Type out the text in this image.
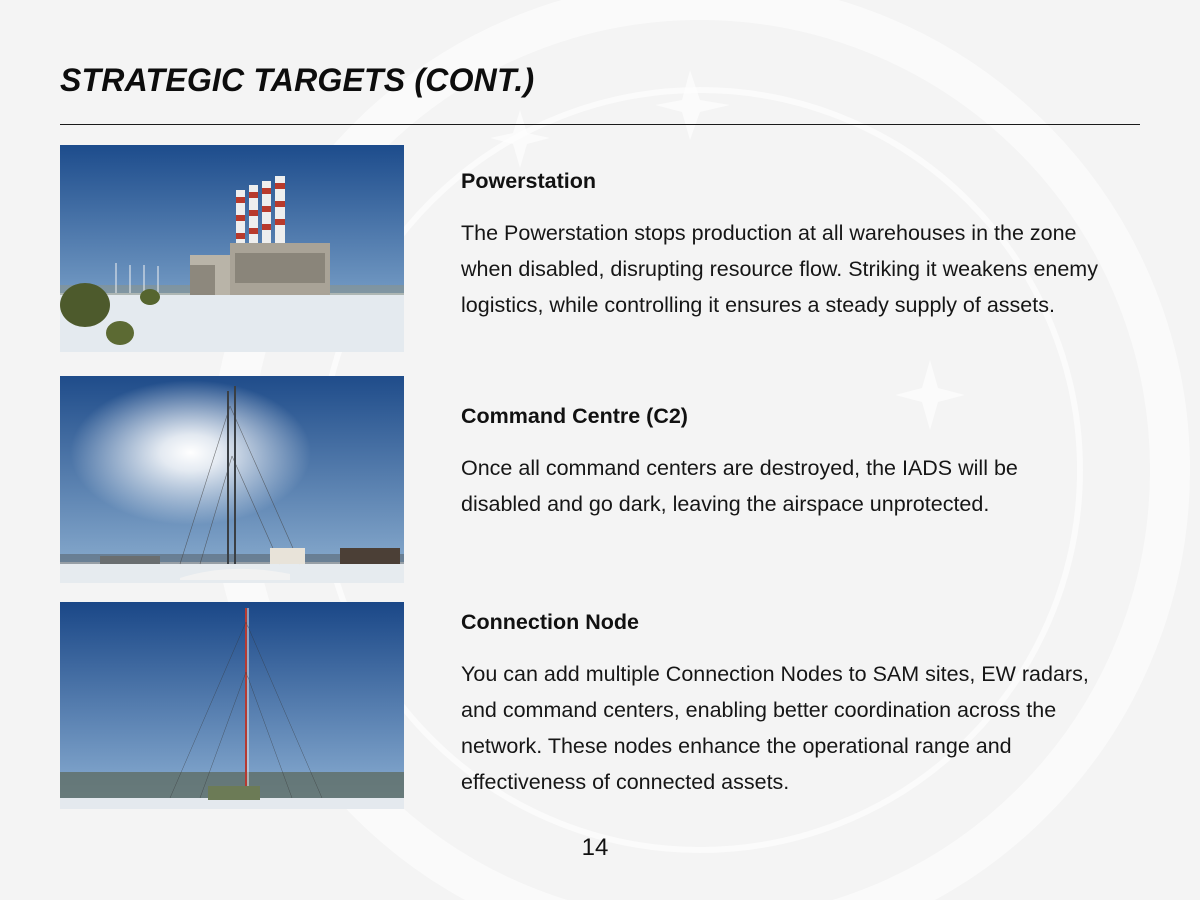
STRATEGIC TARGETS (CONT.)

Powerstation

The Powerstation stops production at all warehouses in the zone when disabled, disrupting resource flow. Striking it weakens enemy logistics, while controlling it ensures a steady supply of assets.

Command Centre (C2)

Once all command centers are destroyed, the IADS will be disabled and go dark, leaving the airspace unprotected.

Connection Node

You can add multiple Connection Nodes to SAM sites, EW radars, and command centers, enabling better coordination across the network. These nodes enhance the operational range and effectiveness of connected assets.

14
